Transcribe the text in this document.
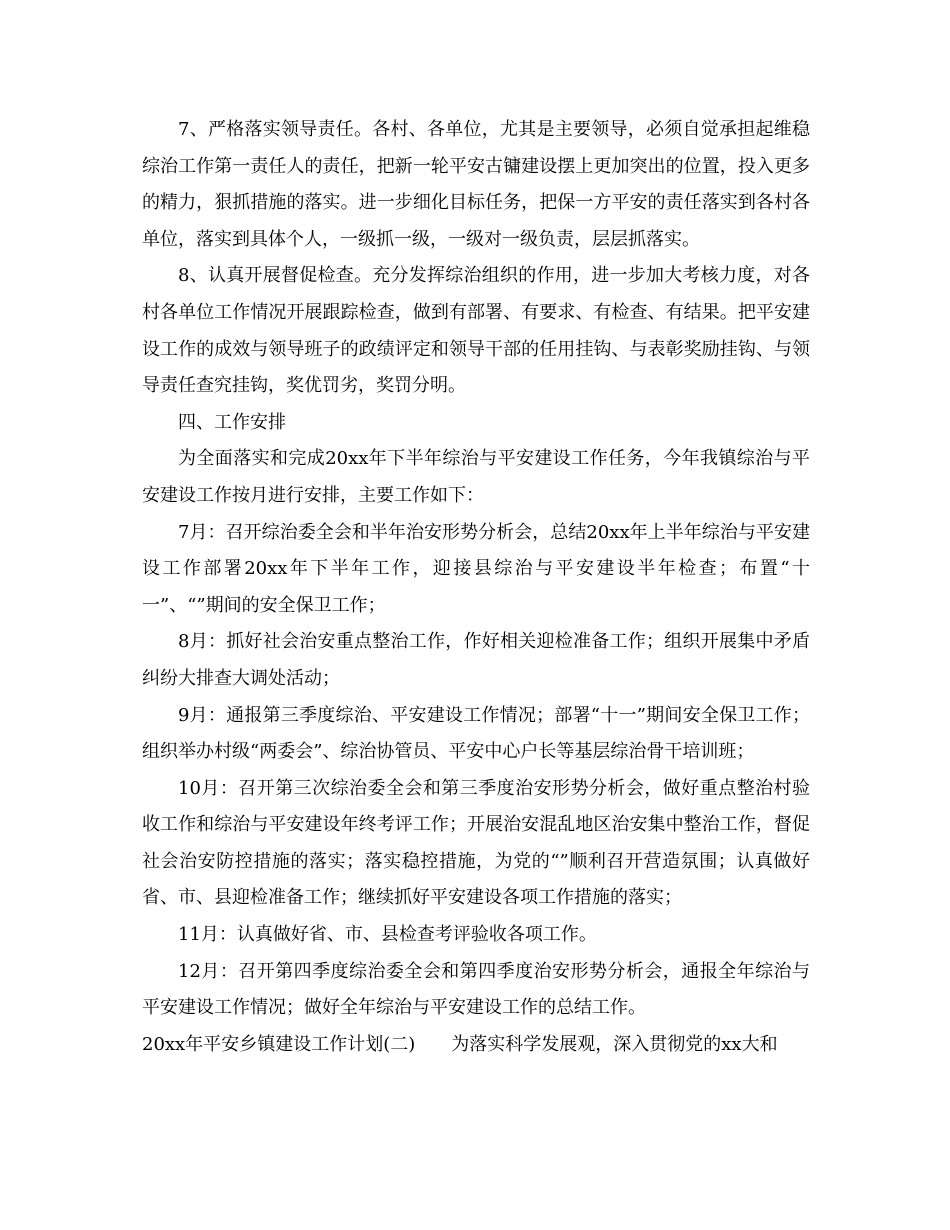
7、严格落实领导责任。各村、各单位，尤其是主要领导，必须自觉承担起维稳综治工作第一责任人的责任，把新一轮平安古镛建设摆上更加突出的位置，投入更多的精力，狠抓措施的落实。进一步细化目标任务，把保一方平安的责任落实到各村各单位，落实到具体个人，一级抓一级，一级对一级负责，层层抓落实。

8、认真开展督促检查。充分发挥综治组织的作用，进一步加大考核力度，对各村各单位工作情况开展跟踪检查，做到有部署、有要求、有检查、有结果。把平安建设工作的成效与领导班子的政绩评定和领导干部的任用挂钩、与表彰奖励挂钩、与领导责任查究挂钩，奖优罚劣，奖罚分明。

四、工作安排

为全面落实和完成20xx年下半年综治与平安建设工作任务，今年我镇综治与平安建设工作按月进行安排，主要工作如下：

7月：召开综治委全会和半年治安形势分析会，总结20xx年上半年综治与平安建设工作部署20xx年下半年工作，迎接县综治与平安建设半年检查；布置“十一”、“”期间的安全保卫工作；

8月：抓好社会治安重点整治工作，作好相关迎检准备工作；组织开展集中矛盾纠纷大排查大调处活动；

9月：通报第三季度综治、平安建设工作情况；部署“十一”期间安全保卫工作；组织举办村级“两委会”、综治协管员、平安中心户长等基层综治骨干培训班；

10月：召开第三次综治委全会和第三季度治安形势分析会，做好重点整治村验收工作和综治与平安建设年终考评工作；开展治安混乱地区治安集中整治工作，督促社会治安防控措施的落实；落实稳控措施，为党的“”顺利召开营造氛围；认真做好省、市、县迎检准备工作；继续抓好平安建设各项工作措施的落实；

11月：认真做好省、市、县检查考评验收各项工作。

12月：召开第四季度综治委全会和第四季度治安形势分析会，通报全年综治与平安建设工作情况；做好全年综治与平安建设工作的总结工作。

20xx年平安乡镇建设工作计划(二) 为落实科学发展观，深入贯彻党的xx大和
